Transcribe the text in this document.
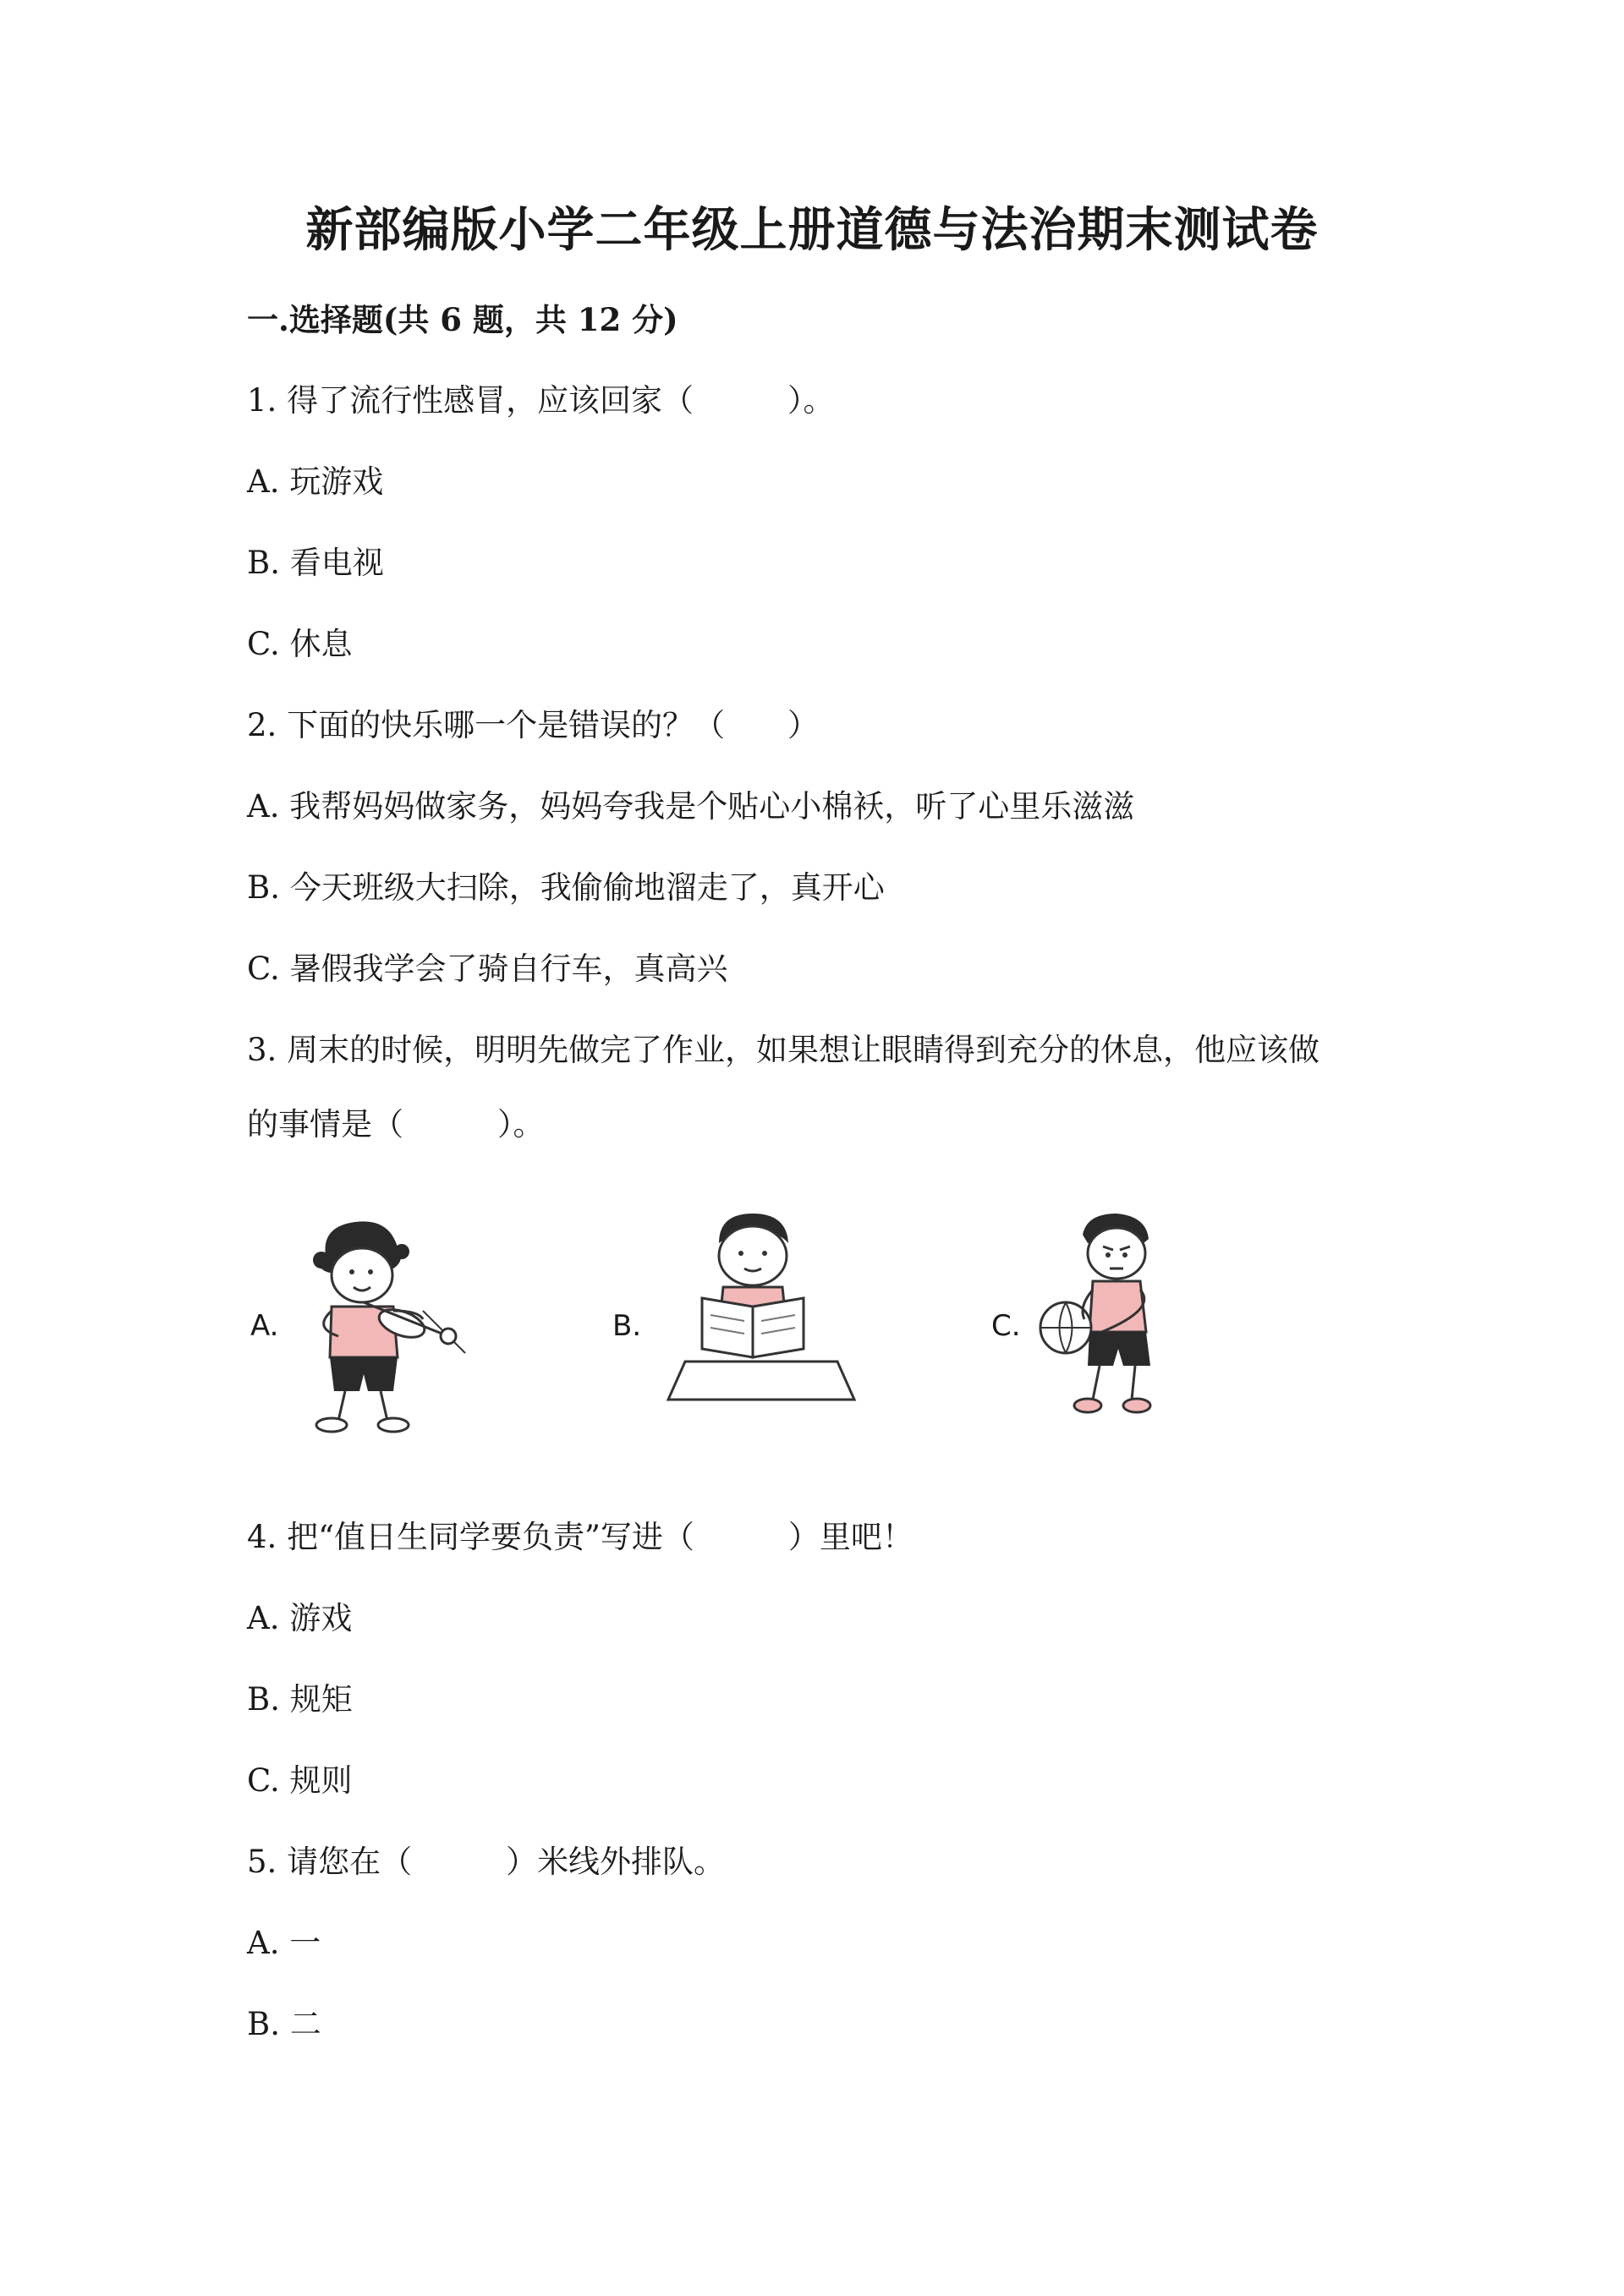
新部编版小学二年级上册道德与法治期末测试卷
一.选择题(共 6 题，共 12 分)
1. 得了流行性感冒，应该回家（　　　）。
A. 玩游戏
B. 看电视
C. 休息
2. 下面的快乐哪一个是错误的？（　　）
A. 我帮妈妈做家务，妈妈夸我是个贴心小棉袄，听了心里乐滋滋
B. 今天班级大扫除，我偷偷地溜走了，真开心
C. 暑假我学会了骑自行车，真高兴
3. 周末的时候，明明先做完了作业，如果想让眼睛得到充分的休息，他应该做
的事情是（　　　）。
A.	B.	C.
4. 把“值日生同学要负责”写进（　　　）里吧！
A. 游戏
B. 规矩
C. 规则
5. 请您在（　　　）米线外排队。
A. 一
B. 二
